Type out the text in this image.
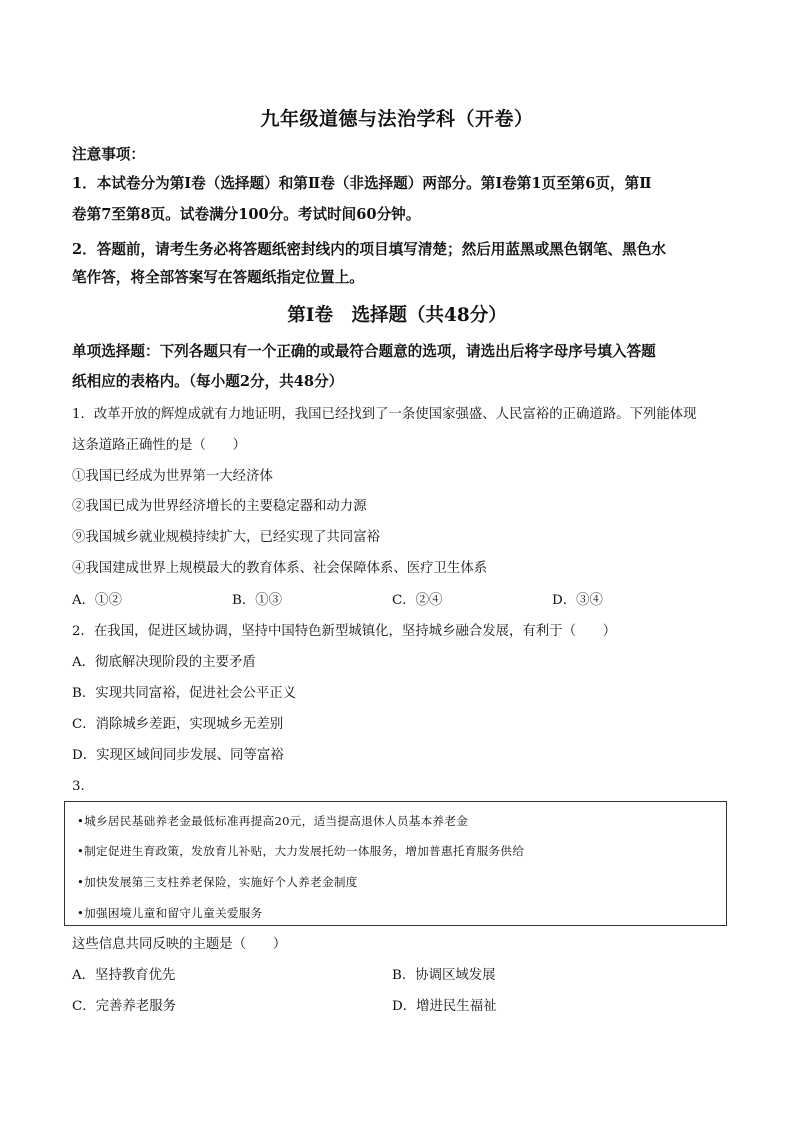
九年级道德与法治学科（开卷）
注意事项：
1．本试卷分为第Ⅰ卷（选择题）和第Ⅱ卷（非选择题）两部分。第Ⅰ卷第1页至第6页，第Ⅱ
卷第7至第8页。试卷满分100分。考试时间60分钟。
2．答题前，请考生务必将答题纸密封线内的项目填写清楚；然后用蓝黑或黑色钢笔、黑色水
笔作答，将全部答案写在答题纸指定位置上。
第Ⅰ卷　选择题（共48分）
单项选择题：下列各题只有一个正确的或最符合题意的选项，请选出后将字母序号填入答题
纸相应的表格内。（每小题2分，共48分）
1．改革开放的辉煌成就有力地证明，我国已经找到了一条使国家强盛、人民富裕的正确道路。下列能体现
这条道路正确性的是（　　）
①我国已经成为世界第一大经济体
②我国已成为世界经济增长的主要稳定器和动力源
⑨我国城乡就业规模持续扩大，已经实现了共同富裕
④我国建成世界上规模最大的教育体系、社会保障体系、医疗卫生体系
A．①②	B．①③	C．②④	D．③④
2．在我国，促进区域协调，坚持中国特色新型城镇化，坚持城乡融合发展，有利于（　　）
A．彻底解决现阶段的主要矛盾
B．实现共同富裕，促进社会公平正义
C．消除城乡差距，实现城乡无差别
D．实现区域间同步发展、同等富裕
3.
•城乡居民基础养老金最低标准再提高20元，适当提高退休人员基本养老金
•制定促进生育政策，发放育儿补贴，大力发展托幼一体服务，增加普惠托育服务供给
•加快发展第三支柱养老保险，实施好个人养老金制度
•加强困境儿童和留守儿童关爱服务
这些信息共同反映的主题是（　　）
A．坚持教育优先	B．协调区域发展
C．完善养老服务	D．增进民生福祉
